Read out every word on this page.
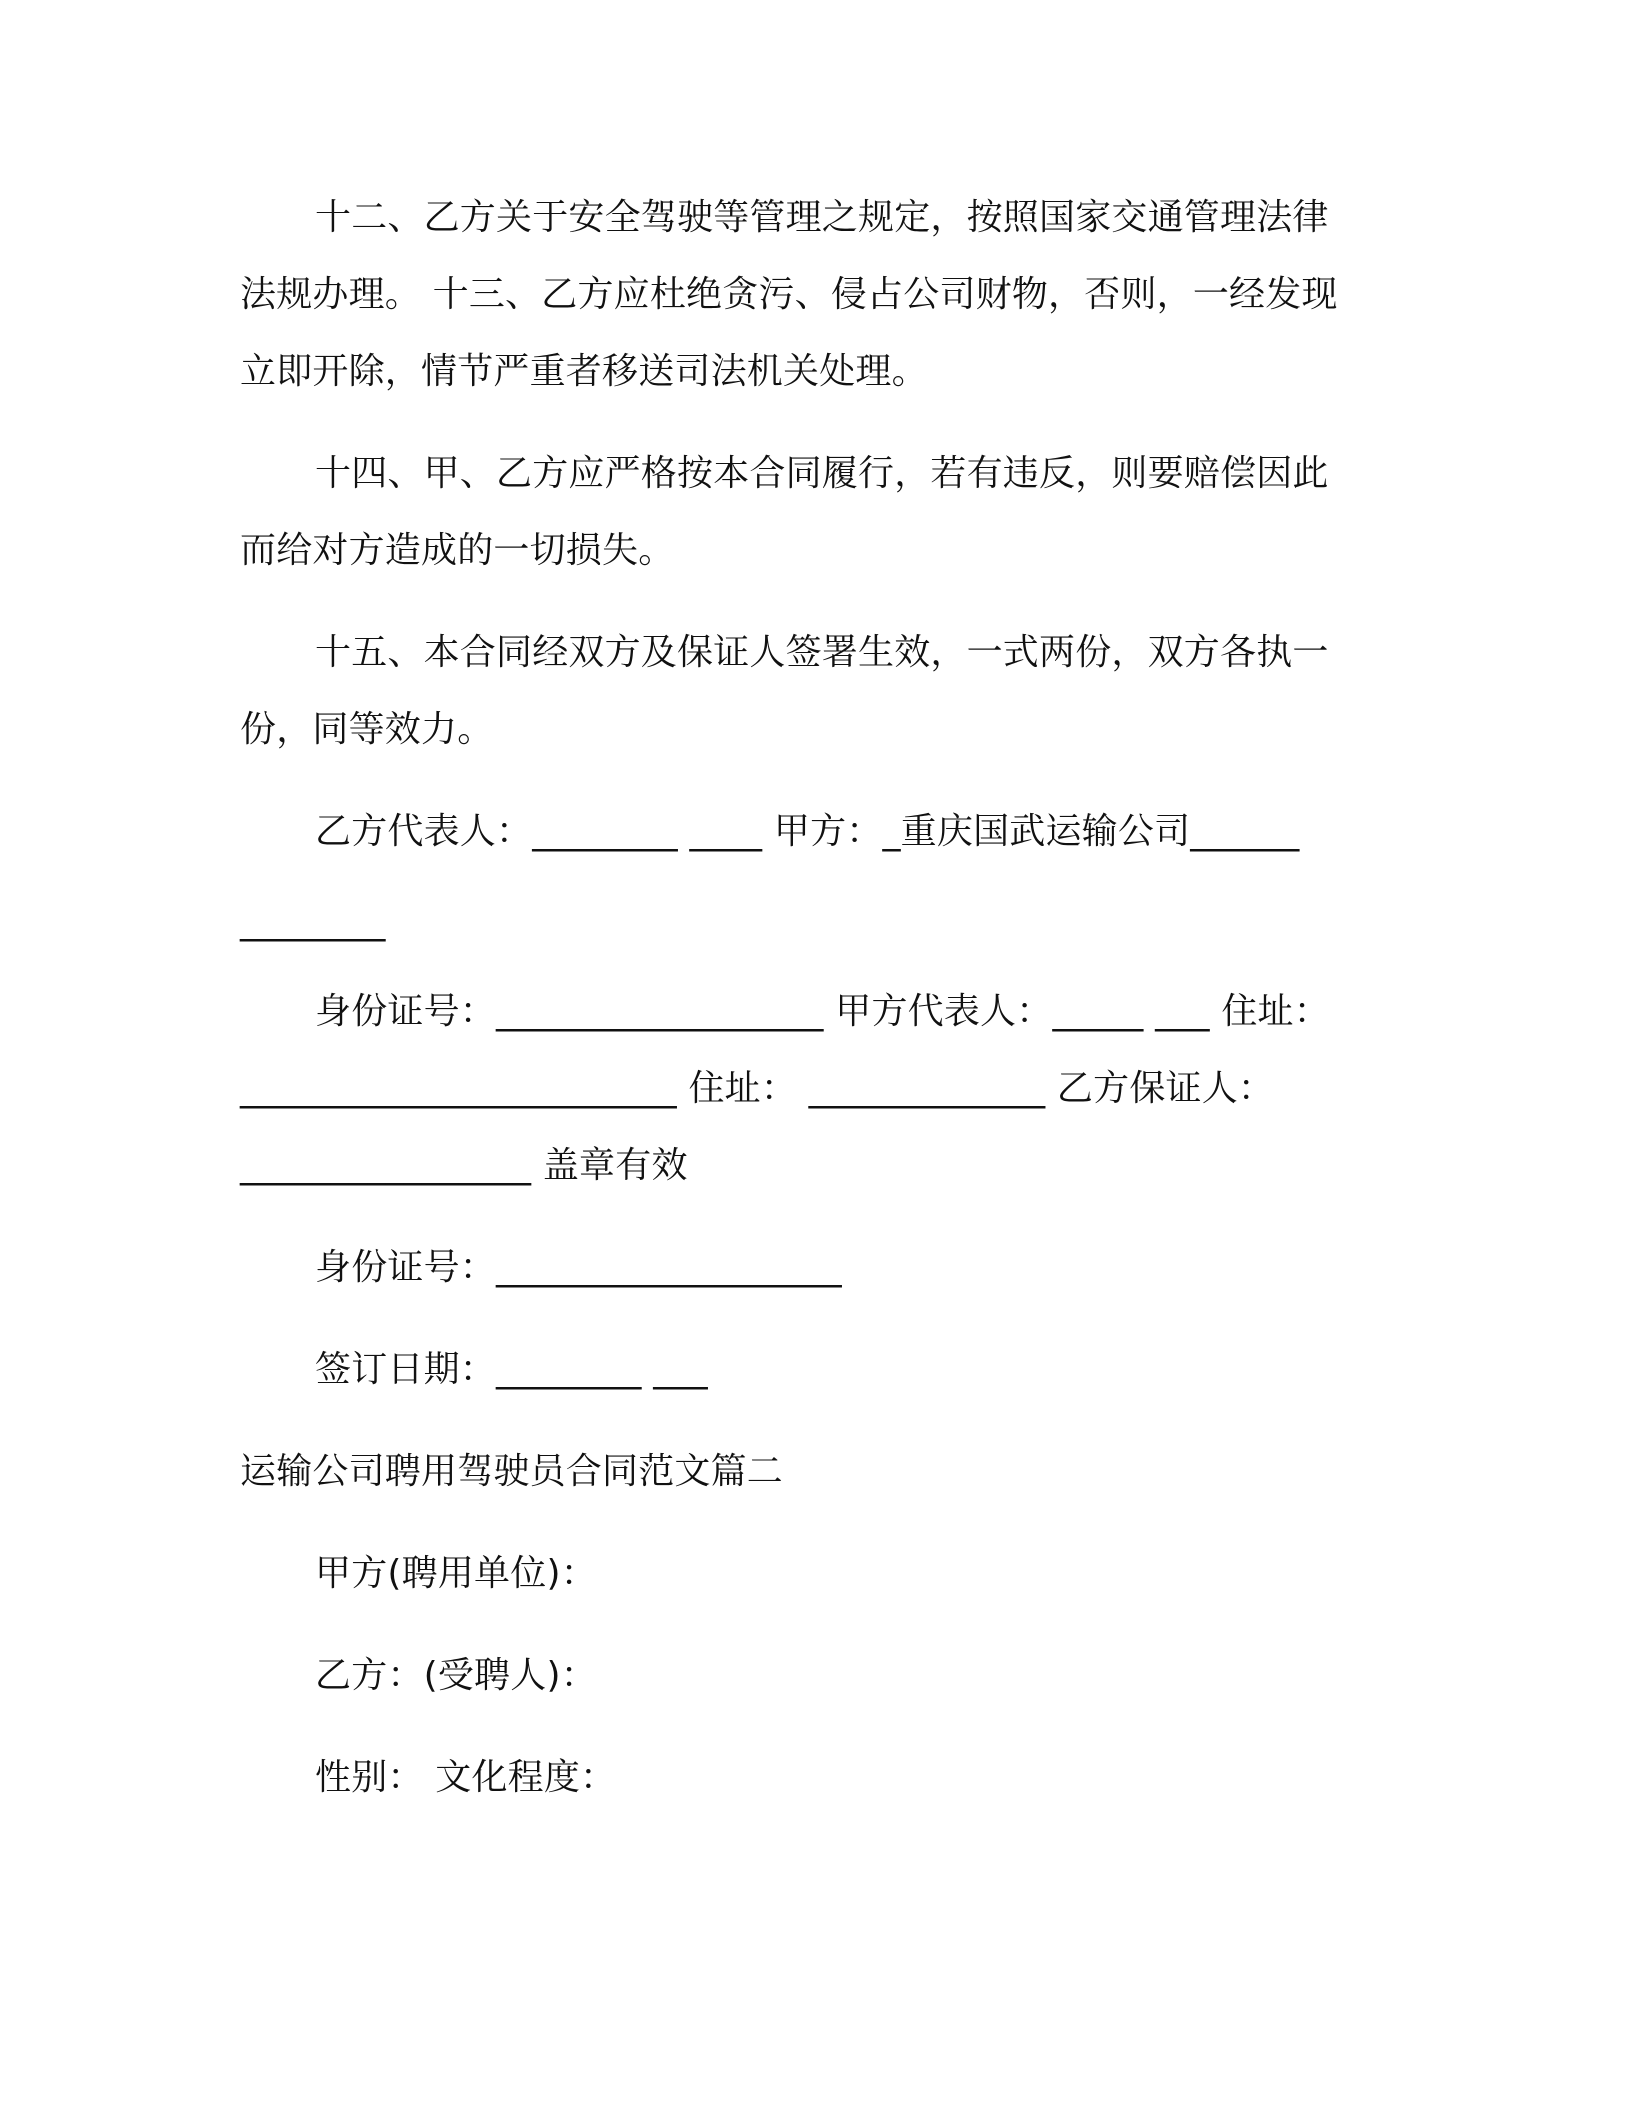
十二、乙方关于安全驾驶等管理之规定，按照国家交通管理法律
法规办理。 十三、乙方应杜绝贪污、侵占公司财物，否则，一经发现
立即开除，情节严重者移送司法机关处理。
十四、甲、乙方应严格按本合同履行，若有违反，则要赔偿因此
而给对方造成的一切损失。
十五、本合同经双方及保证人签署生效，一式两份，双方各执一
份，同等效力。
乙方代表人：________ ____ 甲方：_重庆国武运输公司______
________
身份证号：__________________ 甲方代表人：_____ ___ 住址：
________________________ 住址： _____________ 乙方保证人：
________________ 盖章有效
身份证号：___________________
签订日期：________ ___
运输公司聘用驾驶员合同范文篇二
甲方(聘用单位)：
乙方：(受聘人)：
性别： 文化程度：
